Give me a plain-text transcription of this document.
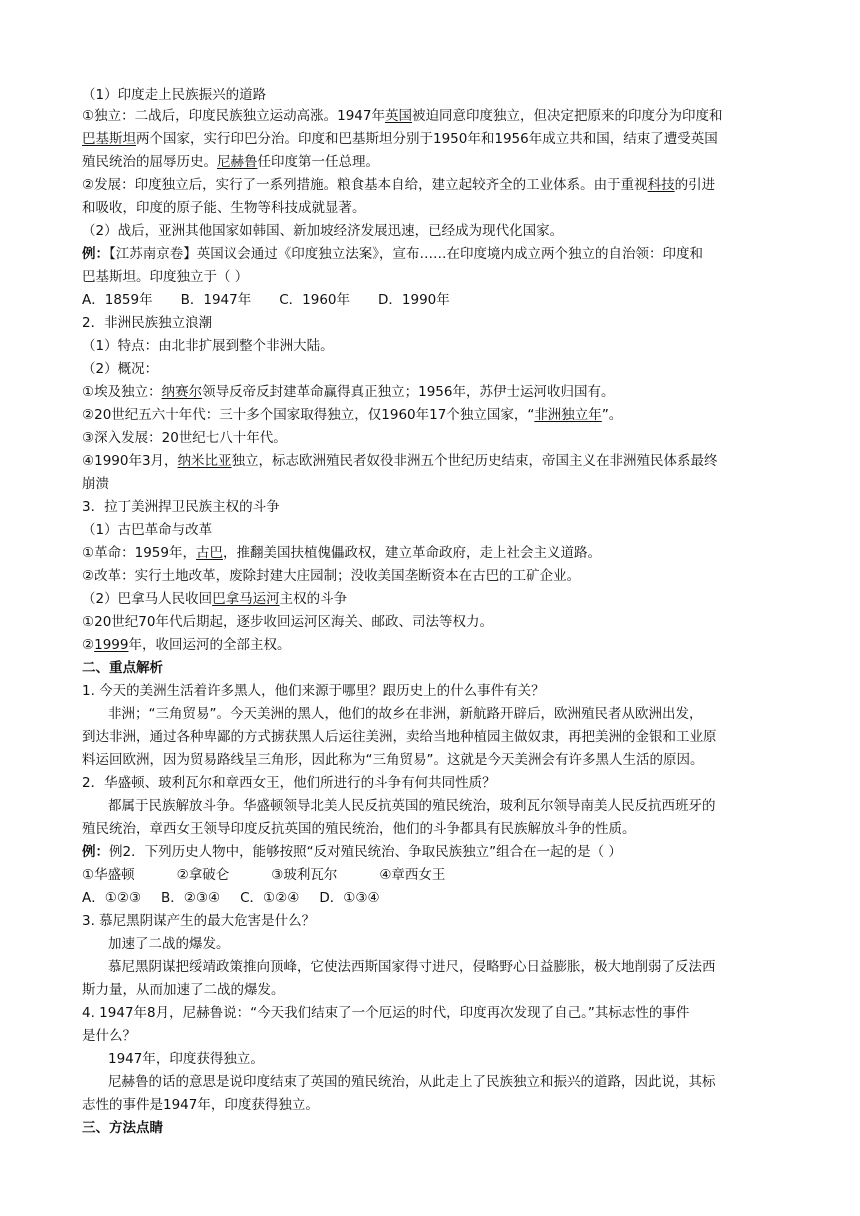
（1）印度走上民族振兴的道路
①独立：二战后，印度民族独立运动高涨。1947年英国被迫同意印度独立，但决定把原来的印度分为印度和
巴基斯坦两个国家，实行印巴分治。印度和巴基斯坦分别于1950年和1956年成立共和国，结束了遭受英国
殖民统治的屈辱历史。尼赫鲁任印度第一任总理。
②发展：印度独立后，实行了一系列措施。粮食基本自给，建立起较齐全的工业体系。由于重视科技的引进
和吸收，印度的原子能、生物等科技成就显著。
（2）战后，亚洲其他国家如韩国、新加坡经济发展迅速，已经成为现代化国家。
例：【江苏南京卷】英国议会通过《印度独立法案》，宣布……在印度境内成立两个独立的自治领：印度和
巴基斯坦。印度独立于（ ）
A．1859年 B．1947年 C．1960年 D．1990年
2．非洲民族独立浪潮
（1）特点：由北非扩展到整个非洲大陆。
（2）概况：
①埃及独立：纳赛尔领导反帝反封建革命赢得真正独立；1956年，苏伊士运河收归国有。
②20世纪五六十年代：三十多个国家取得独立，仅1960年17个独立国家，“非洲独立年”。
③深入发展：20世纪七八十年代。
④1990年3月，纳米比亚独立，标志欧洲殖民者奴役非洲五个世纪历史结束，帝国主义在非洲殖民体系最终
崩溃
3．拉丁美洲捍卫民族主权的斗争
（1）古巴革命与改革
①革命：1959年，古巴，推翻美国扶植傀儡政权，建立革命政府，走上社会主义道路。
②改革：实行土地改革，废除封建大庄园制；没收美国垄断资本在古巴的工矿企业。
（2）巴拿马人民收回巴拿马运河主权的斗争
①20世纪70年代后期起，逐步收回运河区海关、邮政、司法等权力。
②1999年，收回运河的全部主权。
二、重点解析
1. 今天的美洲生活着许多黑人，他们来源于哪里？跟历史上的什么事件有关？
非洲；“三角贸易”。今天美洲的黑人，他们的故乡在非洲，新航路开辟后，欧洲殖民者从欧洲出发，
到达非洲，通过各种卑鄙的方式掳获黑人后运往美洲，卖给当地种植园主做奴隶，再把美洲的金银和工业原
料运回欧洲，因为贸易路线呈三角形，因此称为“三角贸易”。这就是今天美洲会有许多黑人生活的原因。
2．华盛顿、玻利瓦尔和章西女王，他们所进行的斗争有何共同性质？
都属于民族解放斗争。华盛顿领导北美人民反抗英国的殖民统治，玻利瓦尔领导南美人民反抗西班牙的
殖民统治，章西女王领导印度反抗英国的殖民统治，他们的斗争都具有民族解放斗争的性质。
例：例2．下列历史人物中，能够按照“反对殖民统治、争取民族独立”组合在一起的是（ ）
①华盛顿	②拿破仑	③玻利瓦尔	④章西女王
A．①②③ B．②③④ C．①②④ D．①③④
3. 慕尼黑阴谋产生的最大危害是什么？
加速了二战的爆发。
慕尼黑阴谋把绥靖政策推向顶峰，它使法西斯国家得寸进尺，侵略野心日益膨胀，极大地削弱了反法西
斯力量，从而加速了二战的爆发。
4. 1947年8月，尼赫鲁说：“今天我们结束了一个厄运的时代，印度再次发现了自己。”其标志性的事件
是什么？
1947年，印度获得独立。
尼赫鲁的话的意思是说印度结束了英国的殖民统治，从此走上了民族独立和振兴的道路，因此说，其标
志性的事件是1947年，印度获得独立。
三、方法点睛
